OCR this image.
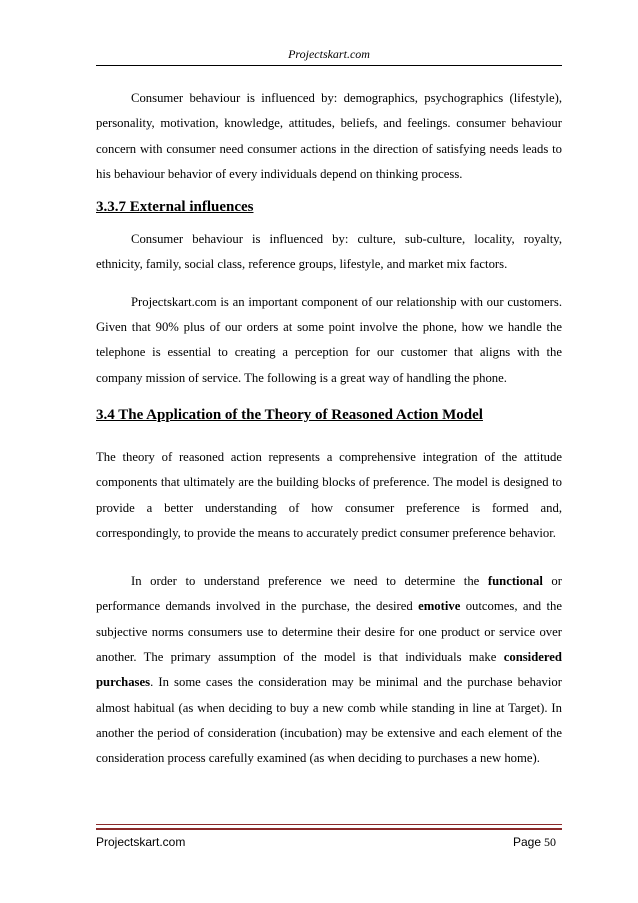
Projectskart.com

Consumer behaviour is influenced by: demographics, psychographics (lifestyle), personality, motivation, knowledge, attitudes, beliefs, and feelings. consumer behaviour concern with consumer need consumer actions in the direction of satisfying needs leads to his behaviour behavior of every individuals depend on thinking process.

3.3.7 External influences

Consumer behaviour is influenced by: culture, sub-culture, locality, royalty, ethnicity, family, social class, reference groups, lifestyle, and market mix factors.

Projectskart.com is an important component of our relationship with our customers. Given that 90% plus of our orders at some point involve the phone, how we handle the telephone is essential to creating a perception for our customer that aligns with the company mission of service. The following is a great way of handling the phone.

3.4 The Application of the Theory of Reasoned Action Model

The theory of reasoned action represents a comprehensive integration of the attitude components that ultimately are the building blocks of preference. The model is designed to provide a better understanding of how consumer preference is formed and, correspondingly, to provide the means to accurately predict consumer preference behavior.

In order to understand preference we need to determine the functional or performance demands involved in the purchase, the desired emotive outcomes, and the subjective norms consumers use to determine their desire for one product or service over another. The primary assumption of the model is that individuals make considered purchases. In some cases the consideration may be minimal and the purchase behavior almost habitual (as when deciding to buy a new comb while standing in line at Target). In another the period of consideration (incubation) may be extensive and each element of the consideration process carefully examined (as when deciding to purchases a new home).

Projectskart.com	Page 50
